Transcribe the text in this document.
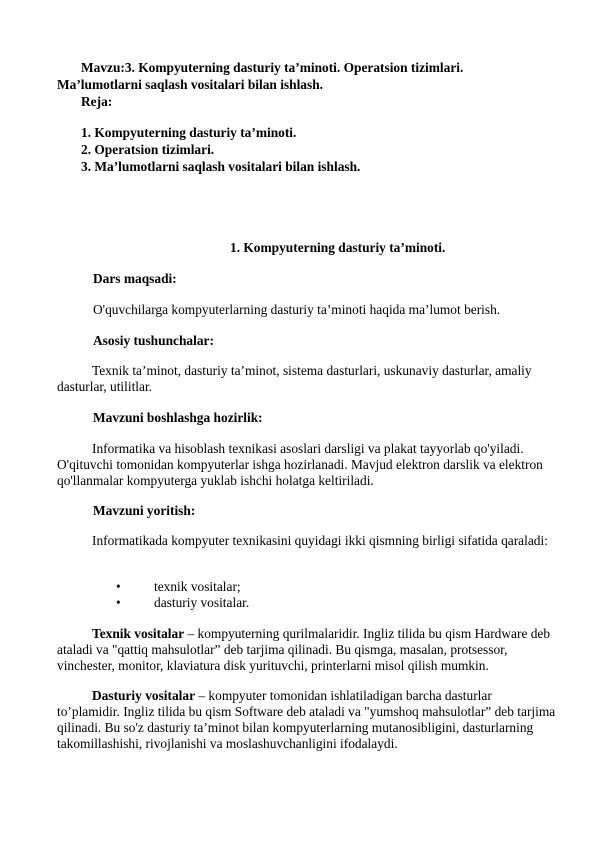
Mavzu:3. Kompyuterning dasturiy ta’minoti. Operatsion tizimlari.

Ma’lumotlarni saqlash vositalari bilan ishlash.

Reja:

1. Kompyuterning dasturiy ta’minoti.

2. Operatsion tizimlari.

3. Ma’lumotlarni saqlash vositalari bilan ishlash.

1. Kompyuterning dasturiy ta’minoti.

Dars maqsadi:

O'quvchilarga kompyuterlarning dasturiy ta’minoti haqida ma’lumot berish.

Asosiy tushunchalar:

Texnik ta’minot, dasturiy ta’minot, sistema dasturlari, uskunaviy dasturlar, amaliy dasturlar, utilitlar.

Mavzuni boshlashga hozirlik:

Informatika va hisoblash texnikasi asoslari darsligi va plakat tayyorlab qo'yiladi. O'qituvchi tomonidan kompyuterlar ishga hozirlanadi. Mavjud elektron darslik va elektron qo'llanmalar kompyuterga yuklab ishchi holatga keltiriladi.

Mavzuni yoritish:

Informatikada kompyuter texnikasini quyidagi ikki qismning birligi sifatida qaraladi:

• texnik vositalar;
• dasturiy vositalar.

Texnik vositalar – kompyuterning qurilmalaridir. Ingliz tilida bu qism Hardware deb ataladi va "qattiq mahsulotlar” deb tarjima qilinadi. Bu qismga, masalan, protsessor, vinchester, monitor, klaviatura disk yurituvchi, printerlarni misol qilish mumkin.

Dasturiy vositalar – kompyuter tomonidan ishlatiladigan barcha dasturlar to’plamidir. Ingliz tilida bu qism Software deb ataladi va "yumshoq mahsulotlar” deb tarjima qilinadi. Bu so'z dasturiy ta’minot bilan kompyuterlarning mutanosibligini, dasturlarning takomillashishi, rivojlanishi va moslashuvchanligini ifodalaydi.
